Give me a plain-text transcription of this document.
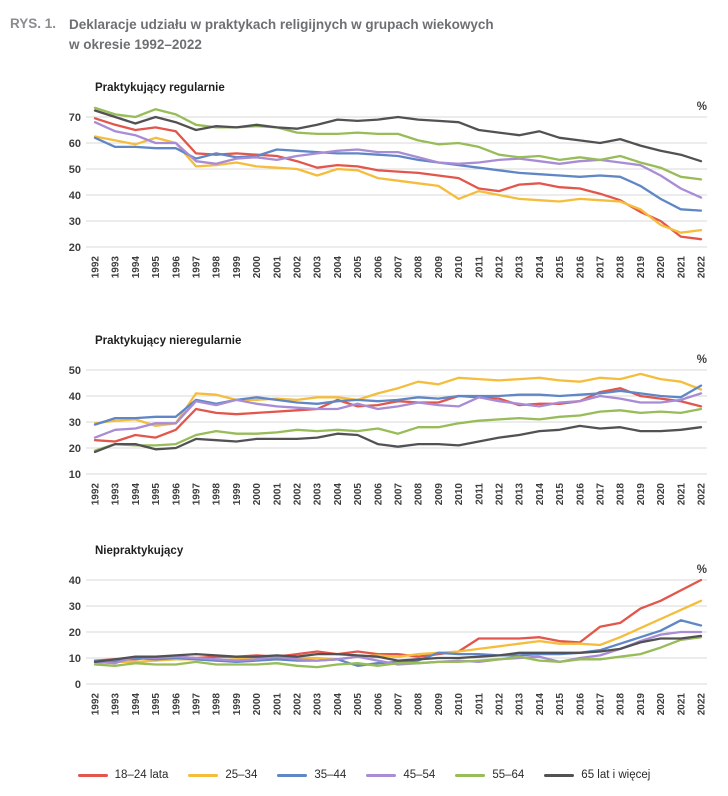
RYS. 1. Deklaracje udziału w praktykach religijnych w grupach wiekowych
w okresie 1992–2022
Praktykujący regularnie
20
30
40
50
60
70
%
1992 1993 1994 1995 1996 1997 1998 1999 2000 2001 2002 2003 2004 2005 2006 2007 2008 2009 2010 2011 2012 2013 2014 2015 2016 2017 2018 2019 2020 2021 2022
Praktykujący nieregularnie
10
20
30
40
50
%
1992 1993 1994 1995 1996 1997 1998 1999 2000 2001 2002 2003 2004 2005 2006 2007 2008 2009 2010 2011 2012 2013 2014 2015 2016 2017 2018 2019 2020 2021 2022
Niepraktykujący
0
10
20
30
40
%
1992 1993 1994 1995 1996 1997 1998 1999 2000 2001 2002 2003 2004 2005 2006 2007 2008 2009 2010 2011 2012 2013 2014 2015 2016 2017 2018 2019 2020 2021 2022
18–24 lata	25–34	35–44	45–54	55–64	65 lat i więcej
